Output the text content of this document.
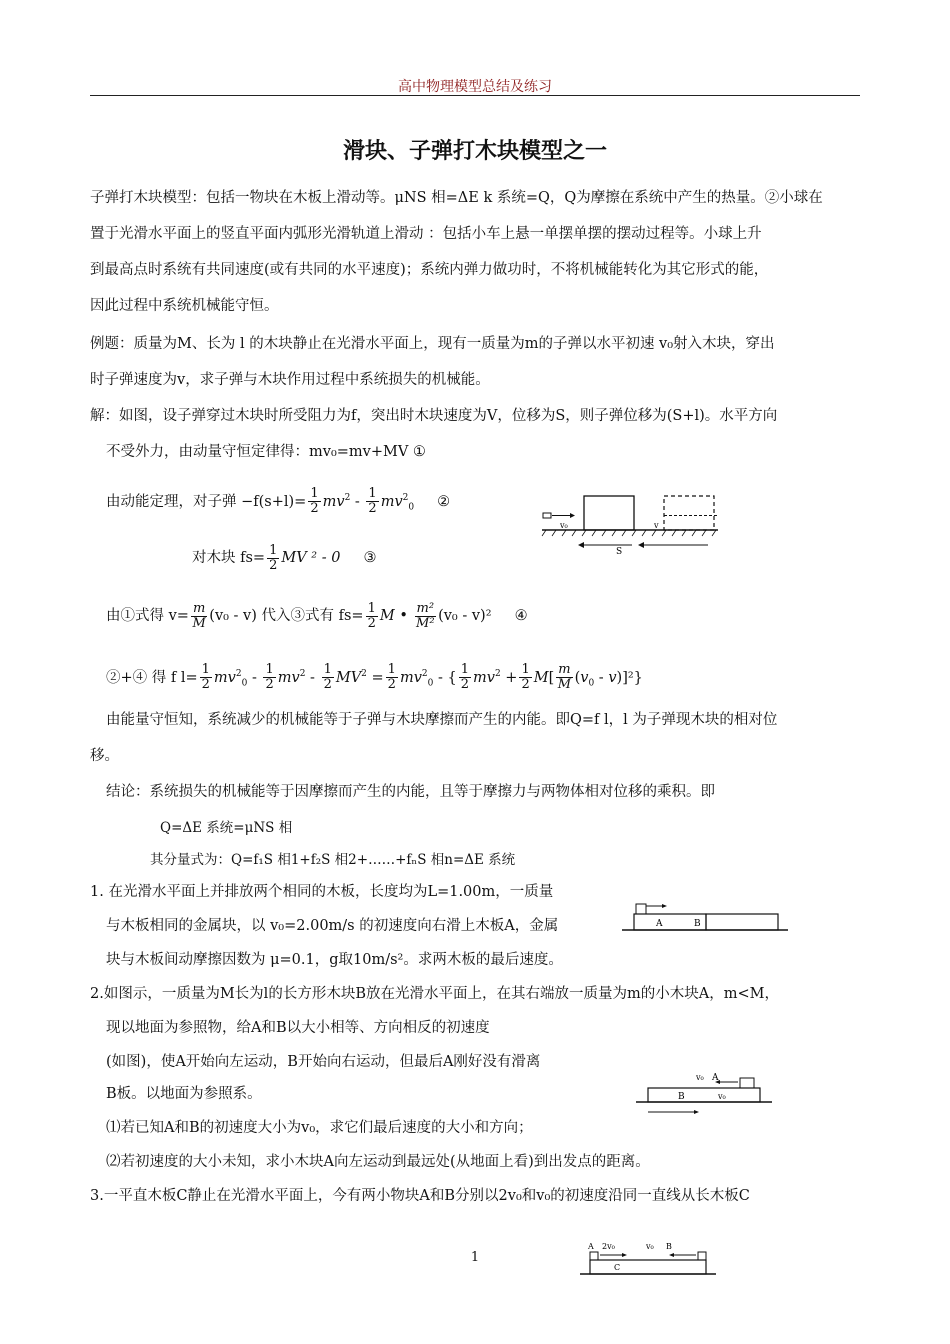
高中物理模型总结及练习
滑块、子弹打木块模型之一
子弹打木块模型：包括一物块在木板上滑动等。μNS 相=ΔE k 系统=Q，Q为摩擦在系统中产生的热量。②小球在
置于光滑水平面上的竖直平面内弧形光滑轨道上滑动 ：包括小车上悬一单摆单摆的摆动过程等。小球上升
到最高点时系统有共同速度(或有共同的水平速度)；系统内弹力做功时，不将机械能转化为其它形式的能，
因此过程中系统机械能守恒。
例题：质量为M、长为 l 的木块静止在光滑水平面上，现有一质量为m的子弹以水平初速 v₀射入木块，穿出
时子弹速度为v，求子弹与木块作用过程中系统损失的机械能。
解：如图，设子弹穿过木块时所受阻力为f，突出时木块速度为V，位移为S，则子弹位移为(S+l)。水平方向
不受外力，由动量守恒定律得：mv₀=mv+MV ①
由动能定理，对子弹 $-f(s+l)= \frac{1}{2} mv^2 - \frac{1}{2} mv^2_0$ ②
对木块 $fs= \frac{1}{2}$ MV ² - 0 ③
由①式得 $v= \frac{m}{M} (v_0 - v)$ 代入③式有 $fs= \frac{1}{2}$ M • $\frac{\text{m²}}{\text{M²}} (v_0 - v)^2$ ④
②+④ 得 f $l= \frac{1}{2} mv^2_0 - \frac{1}{2} mv^2 - \frac{1}{2} MV^2 = \frac{1}{2} mv^2_0$ - { $\frac{1}{2} mv^2 + \frac{1}{2} M[ \frac{m}{M} (v_0 - v)]^2$}
由能量守恒知，系统减少的机械能等于子弹与木块摩擦而产生的内能。即Q=f l，l 为子弹现木块的相对位
移。
结论：系统损失的机械能等于因摩擦而产生的内能，且等于摩擦力与两物体相对位移的乘积。即
Q=ΔE 系统=μNS 相
其分量式为：Q=f₁S 相1+f₂S 相2+……+fₙS 相n=ΔE 系统
1. 在光滑水平面上并排放两个相同的木板，长度均为L=1.00m，一质量
与木板相同的金属块，以 v₀=2.00m/s 的初速度向右滑上木板A，金属
块与木板间动摩擦因数为 μ=0.1，g取10m/s²。求两木板的最后速度。
2.如图示，一质量为M长为l的长方形木块B放在光滑水平面上，在其右端放一质量为m的小木块A，m<M，
现以地面为参照物，给A和B以大小相等、方向相反的初速度
(如图)，使A开始向左运动，B开始向右运动，但最后A刚好没有滑离
B板。以地面为参照系。
⑴若已知A和B的初速度大小为v₀，求它们最后速度的大小和方向；
⑵若初速度的大小未知，求小木块A向左运动到最远处(从地面上看)到出发点的距离。
3.一平直木板C静止在光滑水平面上，今有两小物块A和B分别以2v₀和v₀的初速度沿同一直线从长木板C
v₀	v
S
A	B
v₀ A
B	v₀
A 2v₀	v₀ B
C
1
